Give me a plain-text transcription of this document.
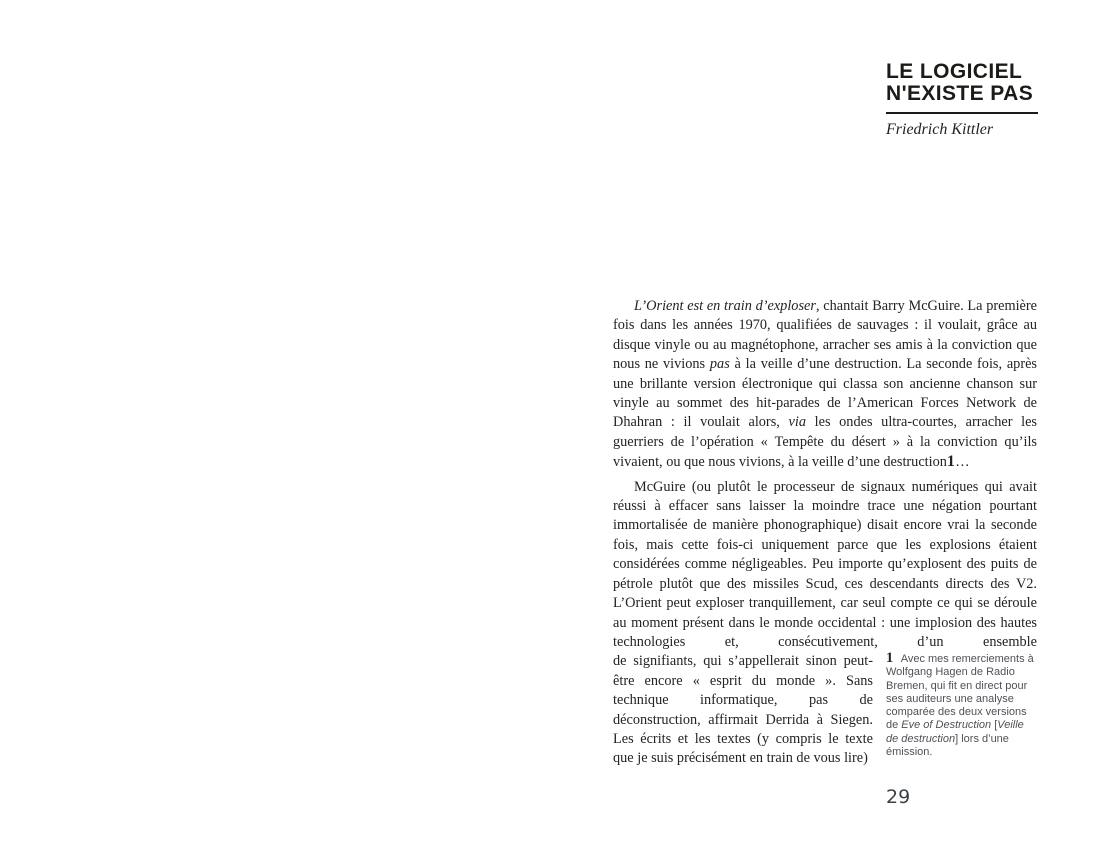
LE LOGICIEL
N'EXISTE PAS
Friedrich Kittler

L’Orient est en train d’exploser, chantait Barry McGuire. La première fois dans les années 1970, qualifiées de sauvages : il voulait, grâce au disque vinyle ou au magnétophone, arracher ses amis à la conviction que nous ne vivions pas à la veille d’une destruction. La seconde fois, après une brillante version électronique qui classa son ancienne chanson sur vinyle au sommet des hit-parades de l’American Forces Network de Dhahran : il voulait alors, via les ondes ultra-courtes, arracher les guerriers de l’opération « Tempête du désert » à la conviction qu’ils vivaient, ou que nous vivions, à la veille d’une destruction1…

McGuire (ou plutôt le processeur de signaux numériques qui avait réussi à effacer sans laisser la moindre trace une négation pourtant immortalisée de manière phonographique) disait encore vrai la seconde fois, mais cette fois-ci uniquement parce que les explosions étaient considérées comme négligeables. Peu importe qu’explosent des puits de pétrole plutôt que des missiles Scud, ces descendants directs des V2. L’Orient peut exploser tranquillement, car seul compte ce qui se déroule au moment présent dans le monde occidental : une implosion des hautes technologies et, consécutivement, d’un ensemble

de signifiants, qui s’appellerait sinon peut-être encore « esprit du monde ». Sans technique informatique, pas de déconstruction, affirmait Derrida à Siegen. Les écrits et les textes (y compris le texte que je suis précisément en train de vous lire)

1 Avec mes remerciements à Wolfgang Hagen de Radio Bremen, qui fit en direct pour ses auditeurs une analyse comparée des deux versions de Eve of Destruction [Veille de destruction] lors d’une émission.
29
